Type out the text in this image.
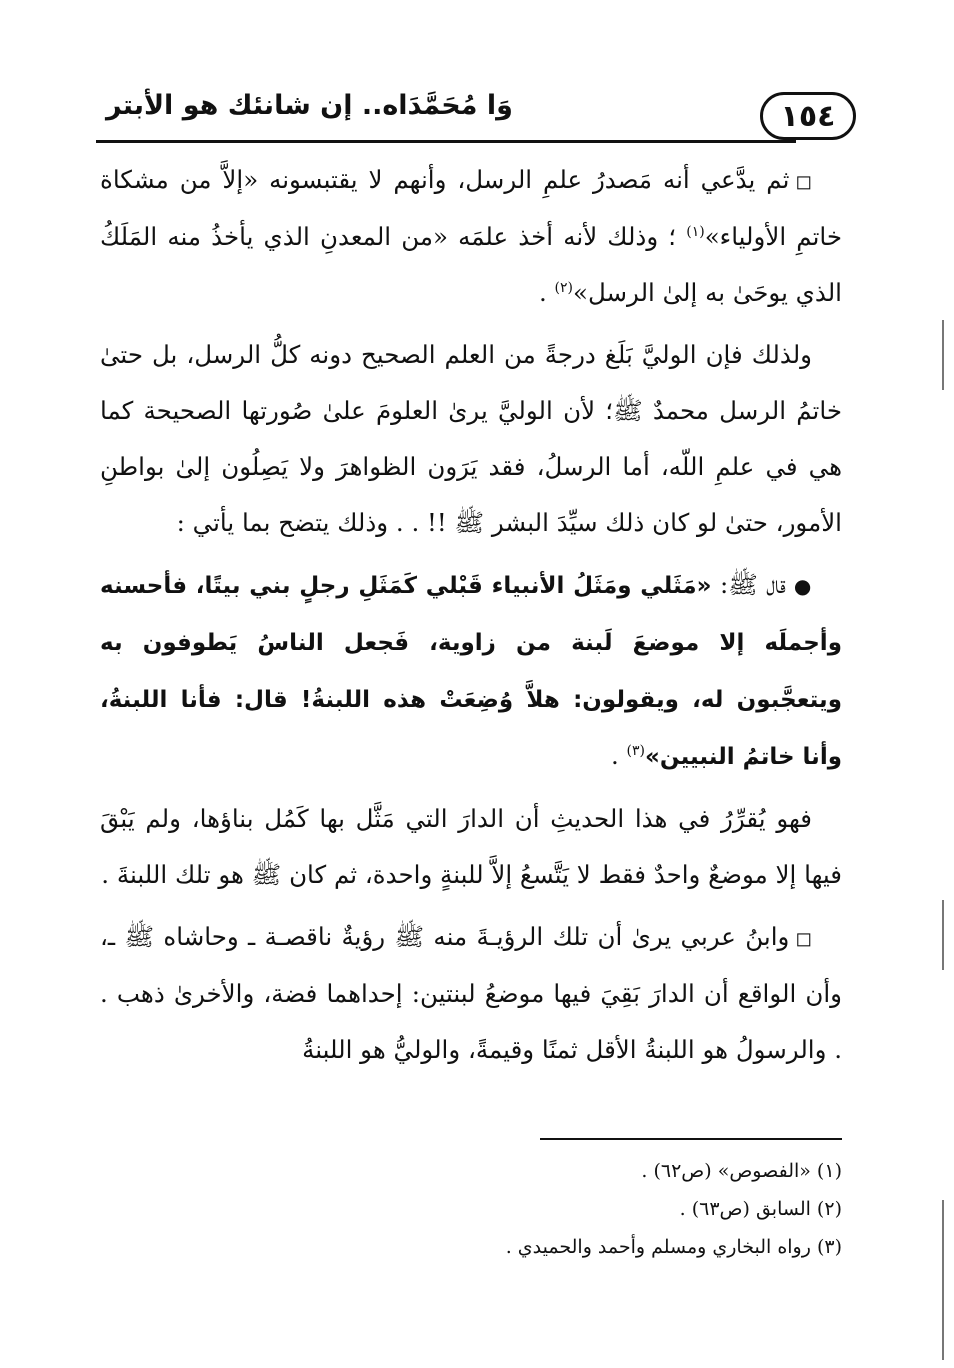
١٥٤
وَا مُحَمَّدَاه.. إن شانئك هو الأبتر

◻ثم يدَّعي أنه مَصدرُ علمِ الرسل، وأنهم لا يقتبسونه «إلاَّ من مشكاة خاتمِ الأولياء»$^{(١)}$ ؛ وذلك لأنه أخذ علمَه «من المعدنِ الذي يأخذُ منه المَلَكُ الذي يوحَىٰ به إلىٰ الرسل»$^{(٢)}$ .

ولذلك فإن الوليَّ بَلَغ درجةً من العلم الصحيح دونه كلُّ الرسل، بل حتىٰ خاتمُ الرسل محمدٌ ﷺ؛ لأن الوليَّ يرىٰ العلومَ علىٰ صُورتها الصحيحة كما هي في علمِ اللّه، أما الرسلُ، فقد يَرَون الظواهرَ ولا يَصِلُون إلىٰ بواطنِ الأمور، حتىٰ لو كان ذلك سيِّدَ البشر ﷺ !! . . وذلك يتضح بما يأتي :

●قال ﷺ: «مَثَلي ومَثَلُ الأنبياء قَبْلي كَمَثَلِ رجلٍ بني بيتًا، فأحسنه وأجملَه إلا موضعَ لَبنة من زاوية، فَجعل الناسُ يَطوفون به ويتعجَّبون له، ويقولون: هلاَّ وُضِعَتْ هذه اللبنةُ! قال: فأنا اللبنةُ، وأنا خاتمُ النبيين»$^{(٣)}$ .

فهو يُقرِّرُ في هذا الحديثِ أن الدارَ التي مَثَّل بها كَمُل بناؤها، ولم يَبْقَ فيها إلا موضعٌ واحدٌ فقط لا يَتَّسعُ إلاَّ للبنةٍ واحدة، ثم كان ﷺ هو تلك اللبنةَ .

◻وابنُ عربي يرىٰ أن تلك الرؤيـةَ منه ﷺ رؤيةٌ ناقصـة ـ وحاشاه ﷺ ـ، وأن الواقع أن الدارَ بَقِيَ فيها موضعُ لبنتين: إحداهما فضة، والأخرىٰ ذهب . . والرسولُ هو اللبنةُ الأقل ثمنًا وقيمةً، والوليُّ هو اللبنةُ

(١) «الفصوص» (ص٦٢) .
(٢) السابق (ص٦٣) .
(٣) رواه البخاري ومسلم وأحمد والحميدي .
